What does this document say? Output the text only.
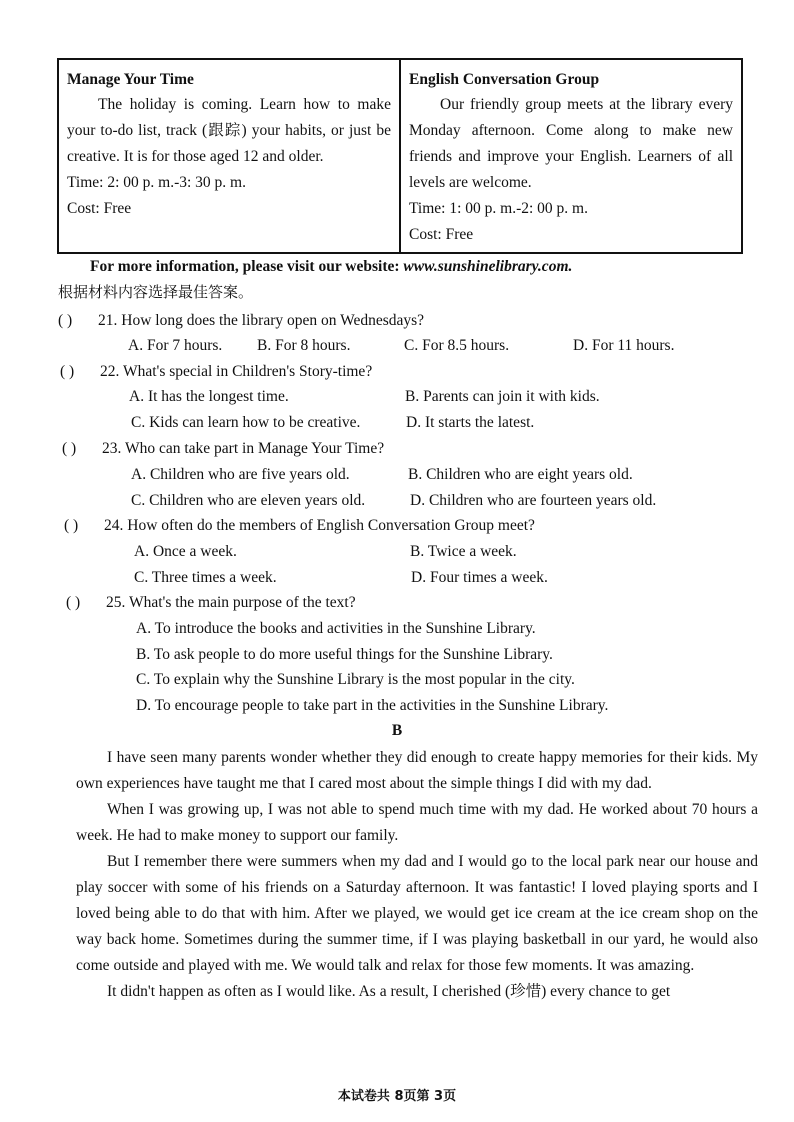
Manage Your Time
The holiday is coming. Learn how to make your to-do list, track (跟踪) your habits, or just be creative. It is for those aged 12 and older.
Time: 2: 00 p. m.-3: 30 p. m.
Cost: Free
English Conversation Group
Our friendly group meets at the library every Monday afternoon. Come along to make new friends and improve your English. Learners of all levels are welcome.
Time: 1: 00 p. m.-2: 00 p. m.
Cost: Free
For more information, please visit our website: www.sunshinelibrary.com.
根据材料内容选择最佳答案。
( ) 21. How long does the library open on Wednesdays?
A. For 7 hours. B. For 8 hours.	C. For 8.5 hours.	D. For 11 hours.
( ) 22. What's special in Children's Story-time?
A. It has the longest time.	B. Parents can join it with kids.
C. Kids can learn how to be creative.	D. It starts the latest.
( ) 23. Who can take part in Manage Your Time?
A. Children who are five years old.	B. Children who are eight years old.
C. Children who are eleven years old.	D. Children who are fourteen years old.
( ) 24. How often do the members of English Conversation Group meet?
A. Once a week.	B. Twice a week.
C. Three times a week.	D. Four times a week.
( ) 25. What's the main purpose of the text?
A. To introduce the books and activities in the Sunshine Library.
B. To ask people to do more useful things for the Sunshine Library.
C. To explain why the Sunshine Library is the most popular in the city.
D. To encourage people to take part in the activities in the Sunshine Library.
B

I have seen many parents wonder whether they did enough to create happy memories for their kids. My own experiences have taught me that I cared most about the simple things I did with my dad.

When I was growing up, I was not able to spend much time with my dad. He worked about 70 hours a week. He had to make money to support our family.

But I remember there were summers when my dad and I would go to the local park near our house and play soccer with some of his friends on a Saturday afternoon. It was fantastic! I loved playing sports and I loved being able to do that with him. After we played, we would get ice cream at the ice cream shop on the way back home. Sometimes during the summer time, if I was playing basketball in our yard, he would also come outside and played with me. We would talk and relax for those few moments. It was amazing.

It didn't happen as often as I would like. As a result, I cherished (珍惜) every chance to get

本试卷共 8页第 3页
